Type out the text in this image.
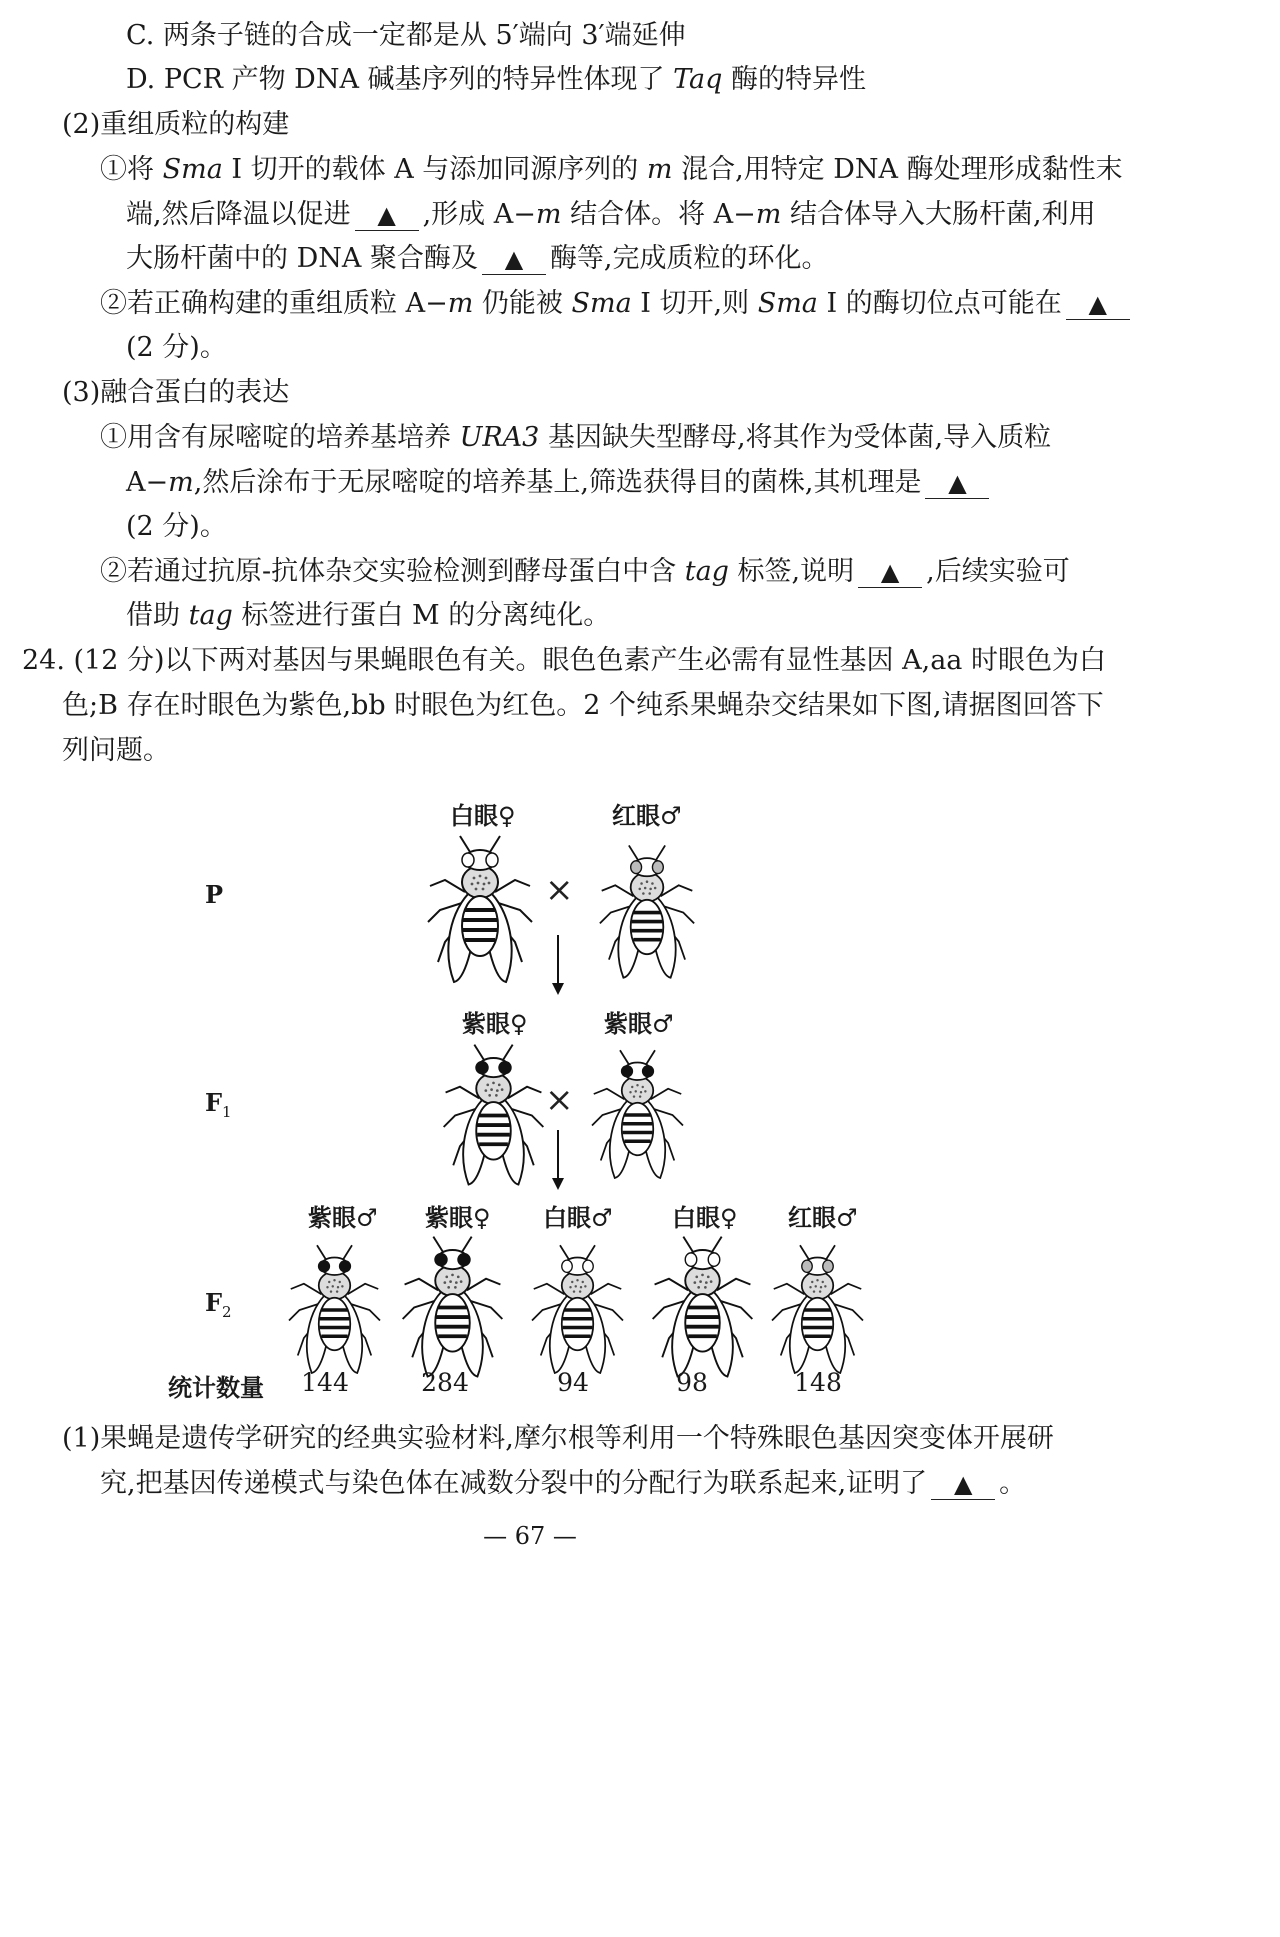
C. 两条子链的合成一定都是从 5′端向 3′端延伸
D. PCR 产物 DNA 碱基序列的特异性体现了 Taq 酶的特异性
(2)重组质粒的构建
①将 Sma Ⅰ 切开的载体 A 与添加同源序列的 m 混合,用特定 DNA 酶处理形成黏性末
端,然后降温以促进 ▲ ,形成 A−m 结合体。将 A−m 结合体导入大肠杆菌,利用
大肠杆菌中的 DNA 聚合酶及 ▲ 酶等,完成质粒的环化。
②若正确构建的重组质粒 A−m 仍能被 Sma Ⅰ 切开,则 Sma Ⅰ 的酶切位点可能在 ▲
(2 分)。
(3)融合蛋白的表达
①用含有尿嘧啶的培养基培养 URA3 基因缺失型酵母,将其作为受体菌,导入质粒
A−m,然后涂布于无尿嘧啶的培养基上,筛选获得目的菌株,其机理是 ▲
(2 分)。
②若通过抗原-抗体杂交实验检测到酵母蛋白中含 tag 标签,说明 ▲ ,后续实验可
借助 tag 标签进行蛋白 M 的分离纯化。
24. (12 分)以下两对基因与果蝇眼色有关。眼色色素产生必需有显性基因 A,aa 时眼色为白
色;B 存在时眼色为紫色,bb 时眼色为红色。2 个纯系果蝇杂交结果如下图,请据图回答下
列问题。
P
白眼♀	红眼♂
×
$F_1$
紫眼♀	紫眼♂
×
$F_2$
紫眼♂ 紫眼♀ 白眼♂ 白眼♀ 红眼♂
统计数量	144	284	94	98	148
(1)果蝇是遗传学研究的经典实验材料,摩尔根等利用一个特殊眼色基因突变体开展研
究,把基因传递模式与染色体在减数分裂中的分配行为联系起来,证明了 ▲ 。
— 67 —
